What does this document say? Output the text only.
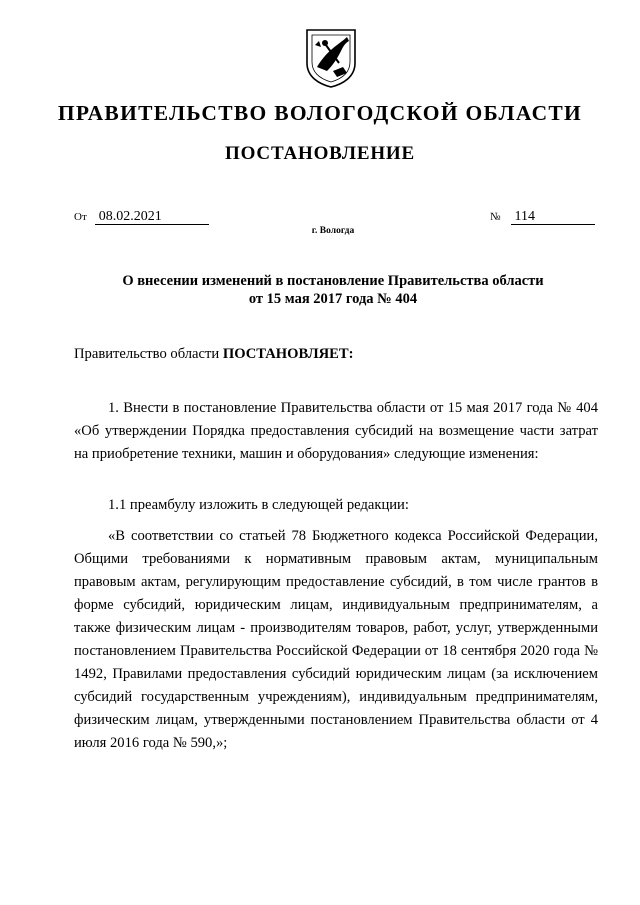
ПРАВИТЕЛЬСТВО ВОЛОГОДСКОЙ ОБЛАСТИ
ПОСТАНОВЛЕНИЕ
От 08.02.2021	№ 114
г. Вологда
О внесении изменений в постановление Правительства области
от 15 мая 2017 года № 404
Правительство области ПОСТАНОВЛЯЕТ:
1. Внести в постановление Правительства области от 15 мая 2017 года № 404 «Об утверждении Порядка предоставления субсидий на возмещение части затрат на приобретение техники, машин и оборудования» следующие изменения:
1.1 преамбулу изложить в следующей редакции:
«В соответствии со статьей 78 Бюджетного кодекса Российской Федерации, Общими требованиями к нормативным правовым актам, муниципальным правовым актам, регулирующим предоставление субсидий, в том числе грантов в форме субсидий, юридическим лицам, индивидуальным предпринимателям, а также физическим лицам - производителям товаров, работ, услуг, утвержденными постановлением Правительства Российской Федерации от 18 сентября 2020 года № 1492, Правилами предоставления субсидий юридическим лицам (за исключением субсидий государственным учреждениям), индивидуальным предпринимателям, физическим лицам, утвержденными постановлением Правительства области от 4 июля 2016 года № 590,»;
